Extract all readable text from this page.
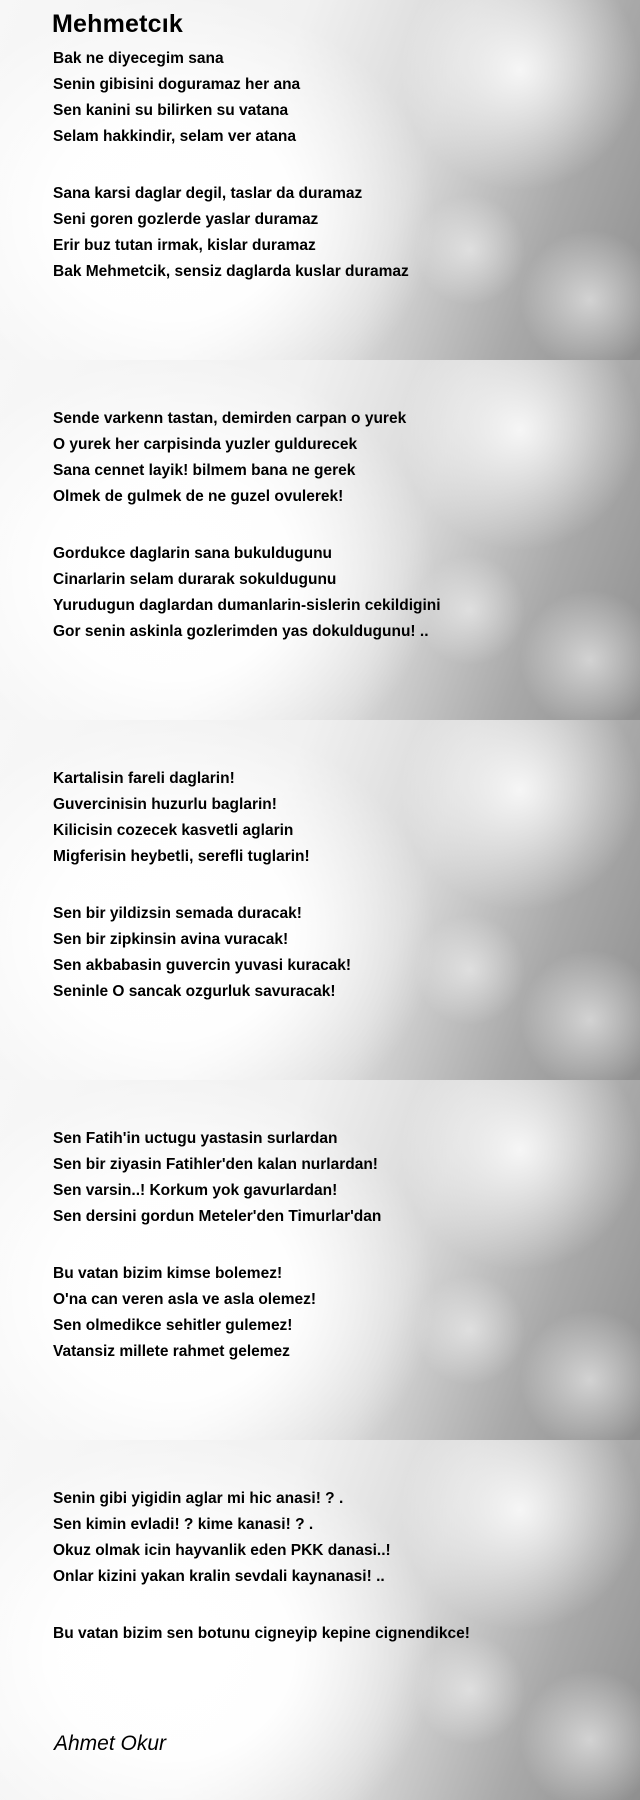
Mehmetcık
Bak ne diyecegim sana
Senin gibisini doguramaz her ana
Sen kanini su bilirken su vatana
Selam hakkindir, selam ver atana
Sana karsi daglar degil, taslar da duramaz
Seni goren gozlerde yaslar duramaz
Erir buz tutan irmak, kislar duramaz
Bak Mehmetcik, sensiz daglarda kuslar duramaz
Sende varkenn tastan, demirden carpan o yurek
O yurek her carpisinda yuzler guldurecek
Sana cennet layik! bilmem bana ne gerek
Olmek de gulmek de ne guzel ovulerek!
Gordukce daglarin sana bukuldugunu
Cinarlarin selam durarak sokuldugunu
Yurudugun daglardan dumanlarin-sislerin cekildigini
Gor senin askinla gozlerimden yas dokuldugunu! ..
Kartalisin fareli daglarin!
Guvercinisin huzurlu baglarin!
Kilicisin cozecek kasvetli aglarin
Migferisin heybetli, serefli tuglarin!
Sen bir yildizsin semada duracak!
Sen bir zipkinsin avina vuracak!
Sen akbabasin guvercin yuvasi kuracak!
Seninle O sancak ozgurluk savuracak!
Sen Fatih'in uctugu yastasin surlardan
Sen bir ziyasin Fatihler'den kalan nurlardan!
Sen varsin..! Korkum yok gavurlardan!
Sen dersini gordun Meteler'den Timurlar'dan
Bu vatan bizim kimse bolemez!
O'na can veren asla ve asla olemez!
Sen olmedikce sehitler gulemez!
Vatansiz millete rahmet gelemez
Senin gibi yigidin aglar mi hic anasi! ? .
Sen kimin evladi! ? kime kanasi! ? .
Okuz olmak icin hayvanlik eden PKK danasi..!
Onlar kizini yakan kralin sevdali kaynanasi! ..
Bu vatan bizim sen botunu cigneyip kepine cignendikce!
Ahmet Okur
